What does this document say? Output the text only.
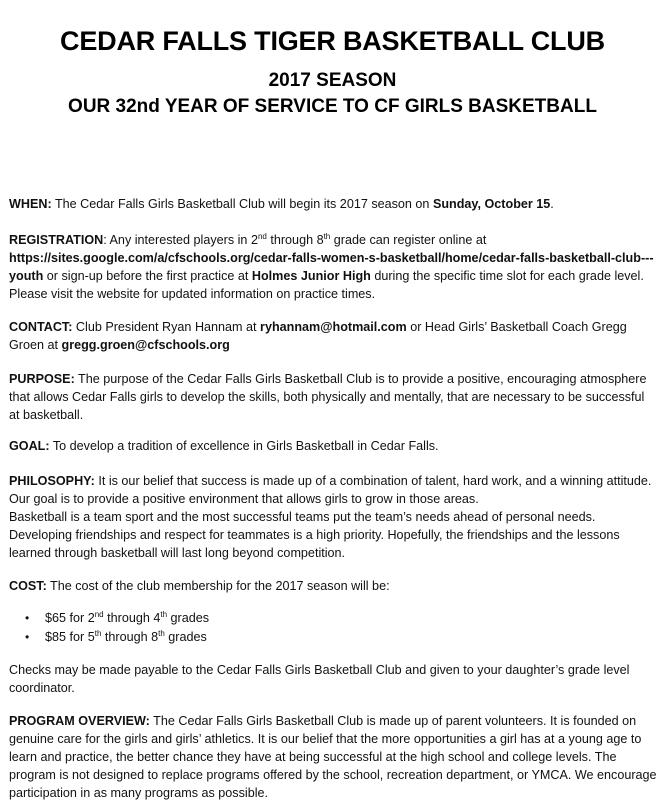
CEDAR FALLS TIGER BASKETBALL CLUB
2017 SEASON
OUR 32nd YEAR OF SERVICE TO CF GIRLS BASKETBALL

WHEN: The Cedar Falls Girls Basketball Club will begin its 2017 season on Sunday, October 15.

REGISTRATION: Any interested players in 2nd through 8th grade can register online at
https://sites.google.com/a/cfschools.org/cedar-falls-women-s-basketball/home/cedar-falls-basketball-club---youth or sign-up before the first practice at Holmes Junior High during the specific time slot for each grade level. Please visit the website for updated information on practice times.

CONTACT: Club President Ryan Hannam at ryhannam@hotmail.com or Head Girls’ Basketball Coach Gregg Groen at gregg.groen@cfschools.org

PURPOSE: The purpose of the Cedar Falls Girls Basketball Club is to provide a positive, encouraging atmosphere that allows Cedar Falls girls to develop the skills, both physically and mentally, that are necessary to be successful at basketball.

GOAL: To develop a tradition of excellence in Girls Basketball in Cedar Falls.

PHILOSOPHY: It is our belief that success is made up of a combination of talent, hard work, and a winning attitude. Our goal is to provide a positive environment that allows girls to grow in those areas.

Basketball is a team sport and the most successful teams put the team’s needs ahead of personal needs. Developing friendships and respect for teammates is a high priority. Hopefully, the friendships and the lessons learned through basketball will last long beyond competition.

COST: The cost of the club membership for the 2017 season will be:

• $65 for 2nd through 4th grades
• $85 for 5th through 8th grades

Checks may be made payable to the Cedar Falls Girls Basketball Club and given to your daughter’s grade level coordinator.

PROGRAM OVERVIEW: The Cedar Falls Girls Basketball Club is made up of parent volunteers. It is founded on genuine care for the girls and girls’ athletics. It is our belief that the more opportunities a girl has at a young age to learn and practice, the better chance they have at being successful at the high school and college levels. The program is not designed to replace programs offered by the school, recreation department, or YMCA. We encourage participation in as many programs as possible.
